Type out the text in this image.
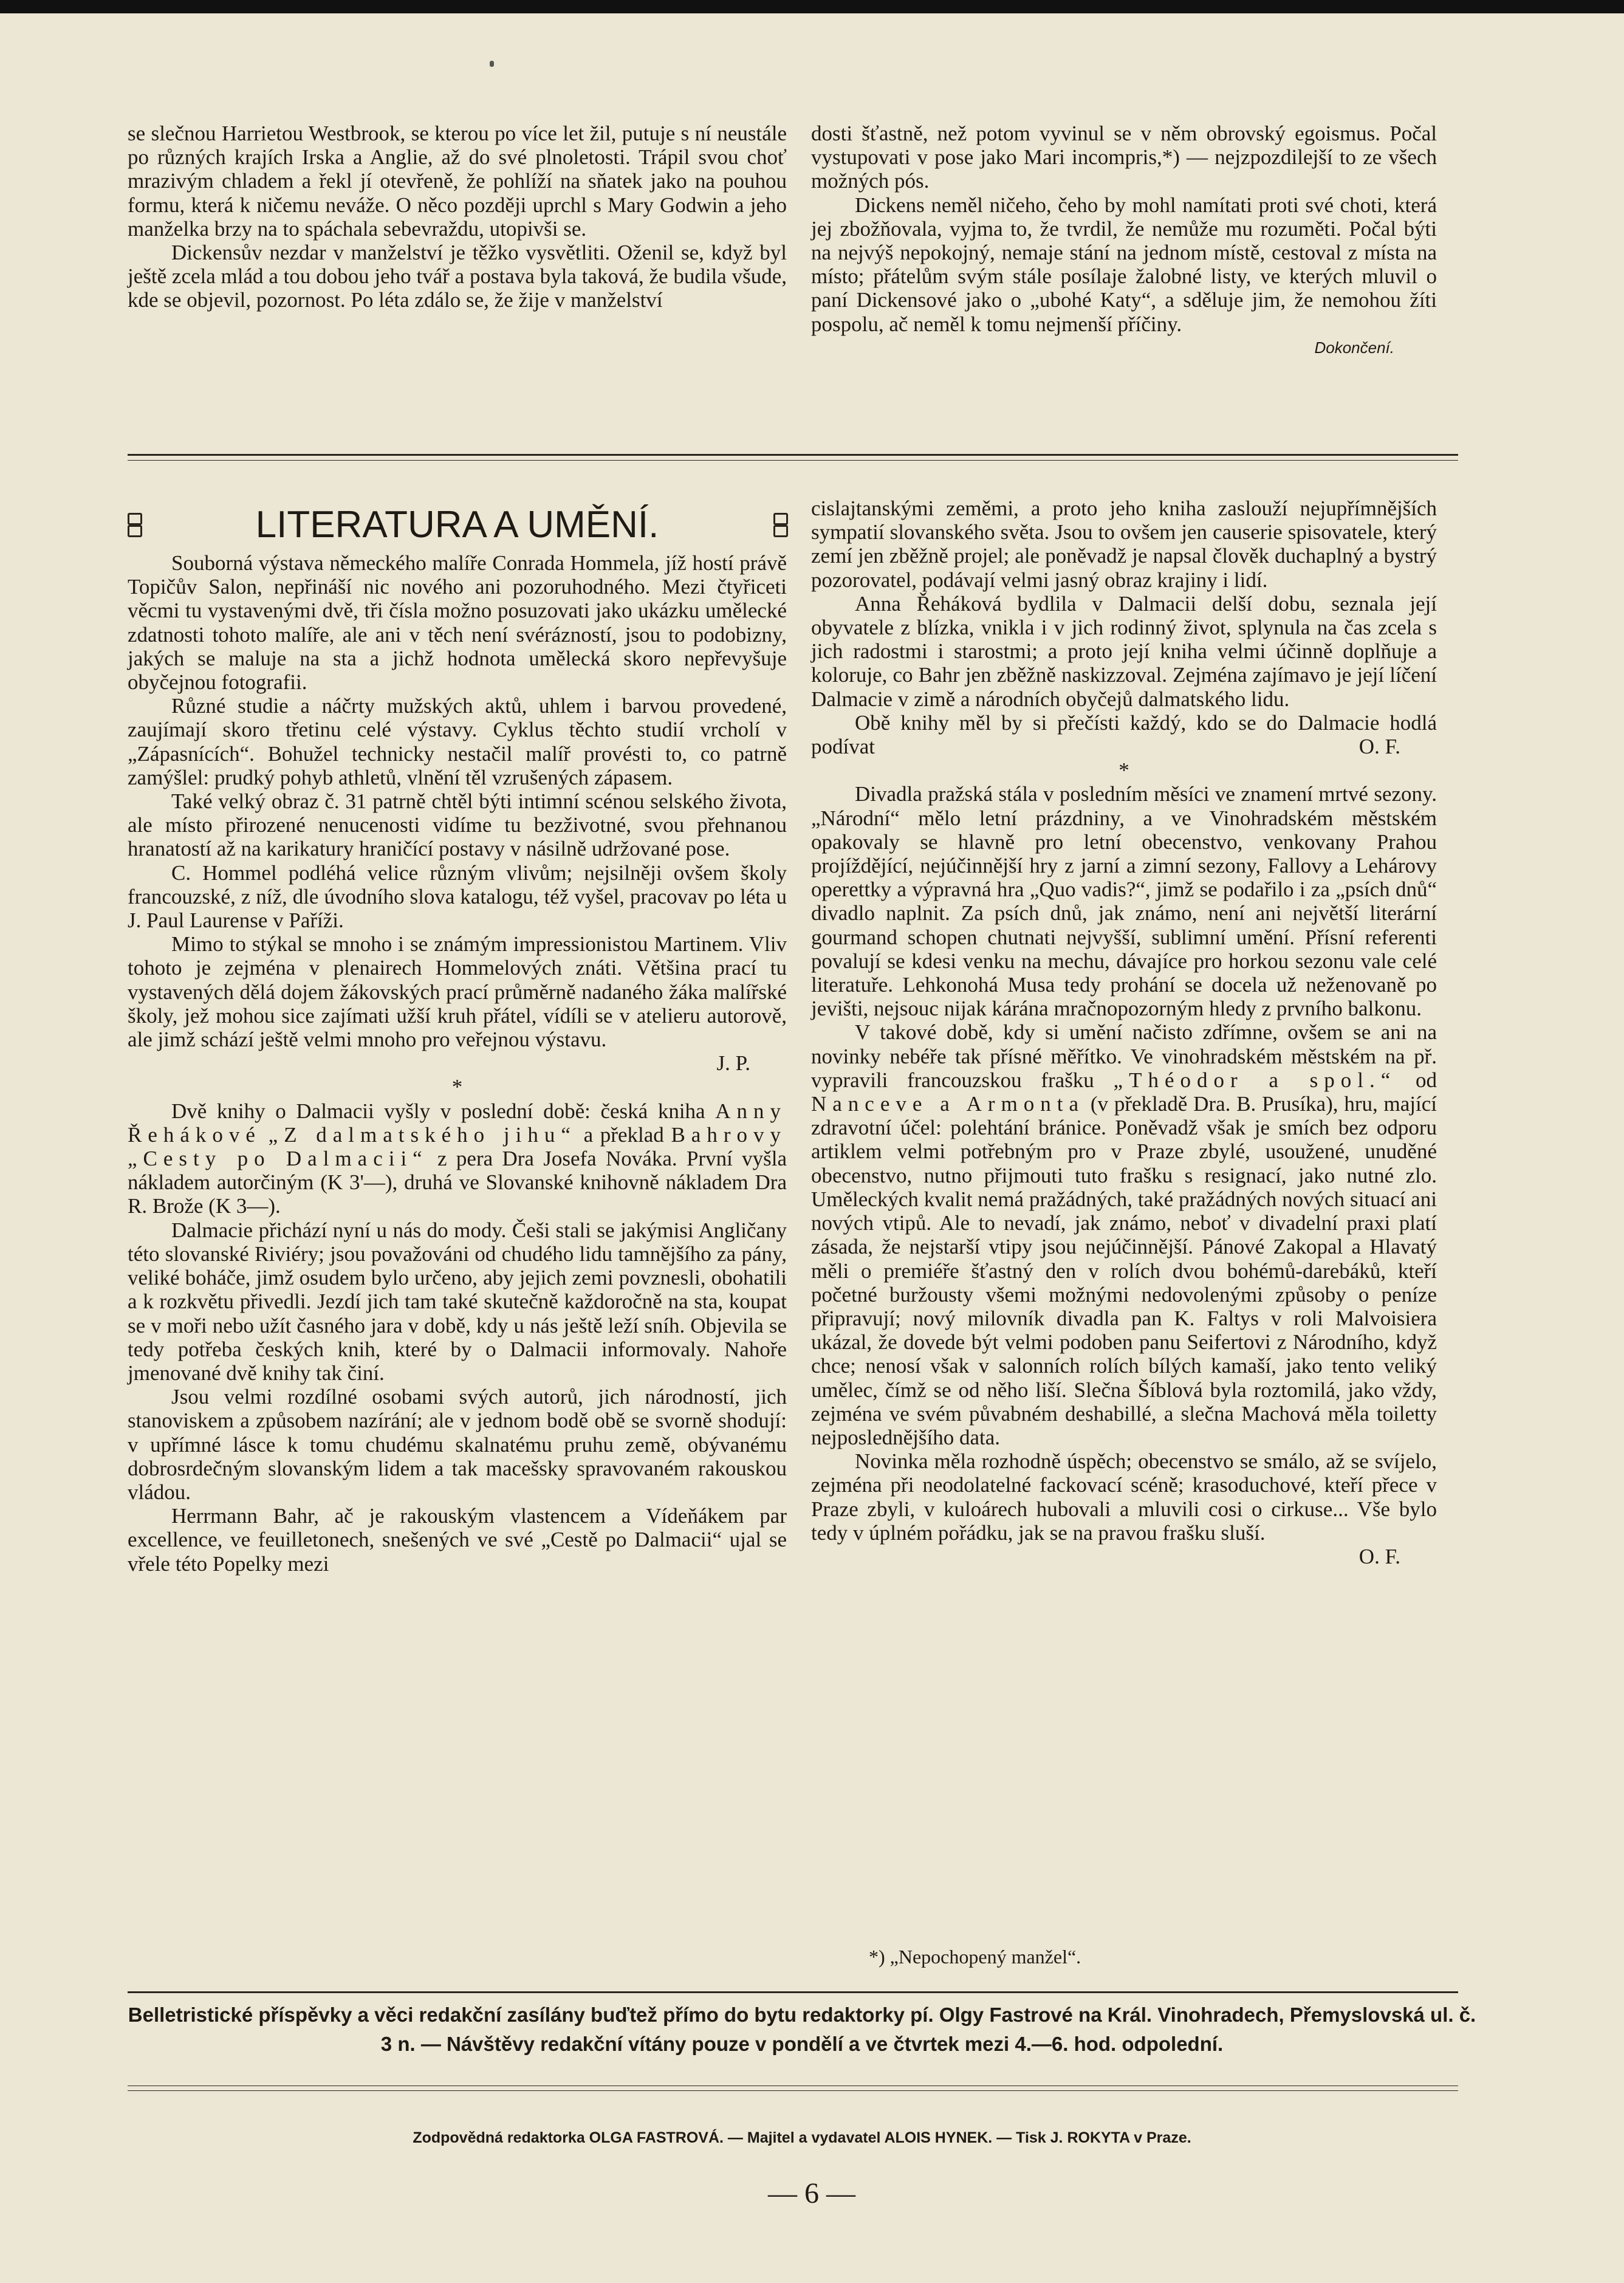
se slečnou Harrietou Westbrook, se kterou po více let žil, putuje s ní neustále po různých krajích Irska a Anglie, až do své plnoletosti. Trápil svou choť mrazivým chladem a řekl jí otevřeně, že pohlíží na sňatek jako na pouhou formu, která k ničemu neváže. O něco později uprchl s Mary Godwin a jeho manželka brzy na to spáchala sebevraždu, utopivši se.

Dickensův nezdar v manželství je těžko vysvětliti. Oženil se, když byl ještě zcela mlád a tou dobou jeho tvář a postava byla taková, že budila všude, kde se objevil, pozornost. Po léta zdálo se, že žije v manželství

dosti šťastně, než potom vyvinul se v něm obrovský egoismus. Počal vystupovati v pose jako Mari incompris,*) — nejzpozdilejší to ze všech možných pós.

Dickens neměl ničeho, čeho by mohl namítati proti své choti, která jej zbožňovala, vyjma to, že tvrdil, že nemůže mu rozuměti. Počal býti na nejvýš nepokojný, nemaje stání na jednom místě, cestoval z místa na místo; přátelům svým stále posílaje žalobné listy, ve kterých mluvil o paní Dickensové jako o „ubohé Katy“, a sděluje jim, že nemohou žíti pospolu, ač neměl k tomu nejmenší příčiny.

Dokončení.
LITERATURA A UMĚNÍ.

Souborná výstava německého malíře Conrada Hommela, jíž hostí právě Topičův Salon, nepřináší nic nového ani pozoruhodného. Mezi čtyřiceti věcmi tu vystavenými dvě, tři čísla možno posuzovati jako ukázku umělecké zdatnosti tohoto malíře, ale ani v těch není svérázností, jsou to podobizny, jakých se maluje na sta a jichž hodnota umělecká skoro nepřevyšuje obyčejnou fotografii.

Různé studie a náčrty mužských aktů, uhlem i barvou provedené, zaujímají skoro třetinu celé výstavy. Cyklus těchto studií vrcholí v „Zápasnících“. Bohužel technicky nestačil malíř provésti to, co patrně zamýšlel: prudký pohyb athletů, vlnění těl vzrušených zápasem.

Také velký obraz č. 31 patrně chtěl býti intimní scénou selského života, ale místo přirozené nenucenosti vidíme tu bezživotné, svou přehnanou hranatostí až na karikatury hraničící postavy v násilně udržované pose.

C. Hommel podléhá velice různým vlivům; nejsilněji ovšem školy francouzské, z níž, dle úvodního slova katalogu, též vyšel, pracovav po léta u J. Paul Laurense v Paříži.

Mimo to stýkal se mnoho i se známým impressionistou Martinem. Vliv tohoto je zejména v plenairech Hommelových znáti. Většina prací tu vystavených dělá dojem žákovských prací průměrně nadaného žáka malířské školy, jež mohou sice zajímati užší kruh přátel, vídíli se v atelieru autorově, ale jimž schází ještě velmi mnoho pro veřejnou výstavu.

J. P.

*

Dvě knihy o Dalmacii vyšly v poslední době: česká kniha Anny Řehákové „Z dalmatského jihu“ a překlad Bahrovy „Cesty po Dalmacii“ z pera Dra Josefa Nováka. První vyšla nákladem autorčiným (K 3'—), druhá ve Slovanské knihovně nákladem Dra R. Brože (K 3—).

Dalmacie přichází nyní u nás do mody. Češi stali se jakýmisi Angličany této slovanské Riviéry; jsou považováni od chudého lidu tamnějšího za pány, veliké boháče, jimž osudem bylo určeno, aby jejich zemi povznesli, obohatili a k rozkvětu přivedli. Jezdí jich tam také skutečně každoročně na sta, koupat se v moři nebo užít časného jara v době, kdy u nás ještě leží sníh. Objevila se tedy potřeba českých knih, které by o Dalmacii informovaly. Nahoře jmenované dvě knihy tak činí.

Jsou velmi rozdílné osobami svých autorů, jich národností, jich stanoviskem a způsobem nazírání; ale v jednom bodě obě se svorně shodují: v upřímné lásce k tomu chudému skalnatému pruhu země, obývanému dobrosrdečným slovanským lidem a tak macešsky spravovaném rakouskou vládou.

Herrmann Bahr, ač je rakouským vlastencem a Vídeňákem par excellence, ve feuilletonech, snešených ve své „Cestě po Dalmacii“ ujal se vřele této Popelky mezi

cislajtanskými zeměmi, a proto jeho kniha zaslouží nejupřímnějších sympatií slovanského světa. Jsou to ovšem jen causerie spisovatele, který zemí jen zběžně projel; ale poněvadž je napsal člověk duchaplný a bystrý pozorovatel, podávají velmi jasný obraz krajiny i lidí.

Anna Řeháková bydlila v Dalmacii delší dobu, seznala její obyvatele z blízka, vnikla i v jich rodinný život, splynula na čas zcela s jich radostmi i starostmi; a proto její kniha velmi účinně doplňuje a koloruje, co Bahr jen zběžně naskizzoval. Zejména zajímavo je její líčení Dalmacie v zimě a národních obyčejů dalmatského lidu.

Obě knihy měl by si přečísti každý, kdo se do Dalmacie hodlá podívat	O. F.

*

Divadla pražská stála v posledním měsíci ve znamení mrtvé sezony. „Národní“ mělo letní prázdniny, a ve Vinohradském městském opakovaly se hlavně pro letní obecenstvo, venkovany Prahou projíždějící, nejúčinnější hry z jarní a zimní sezony, Fallovy a Lehárovy operettky a výpravná hra „Quo vadis?“, jimž se podařilo i za „psích dnů“ divadlo naplnit. Za psích dnů, jak známo, není ani největší literární gourmand schopen chutnati nejvyšší, sublimní umění. Přísní referenti povalují se kdesi venku na mechu, dávajíce pro horkou sezonu vale celé literatuře. Lehkonohá Musa tedy prohání se docela už neženovaně po jevišti, nejsouc nijak kárána mračnopozorným hledy z prvního balkonu.

V takové době, kdy si umění načisto zdřímne, ovšem se ani na novinky nebéře tak přísné měřítko. Ve vinohradském městském na př. vypravili francouzskou frašku „Théodor a spol.“ od Nanceve a Armonta (v překladě Dra. B. Prusíka), hru, mající zdravotní účel: polehtání bránice. Poněvadž však je smích bez odporu artiklem velmi potřebným pro v Praze zbylé, usoužené, unuděné obecenstvo, nutno přijmouti tuto frašku s resignací, jako nutné zlo. Uměleckých kvalit nemá pražádných, také pražádných nových situací ani nových vtipů. Ale to nevadí, jak známo, neboť v divadelní praxi platí zásada, že nejstarší vtipy jsou nejúčinnější. Pánové Zakopal a Hlavatý měli o premiéře šťastný den v rolích dvou bohémů-darebáků, kteří početné buržousty všemi možnými nedovolenými způsoby o peníze připravují; nový milovník divadla pan K. Faltys v roli Malvoisiera ukázal, že dovede být velmi podoben panu Seifertovi z Národního, když chce; nenosí však v salonních rolích bílých kamaší, jako tento veliký umělec, čímž se od něho liší. Slečna Šíblová byla roztomilá, jako vždy, zejména ve svém půvabném deshabillé, a slečna Machová měla toiletty nejposlednějšího data.

Novinka měla rozhodně úspěch; obecenstvo se smálo, až se svíjelo, zejména při neodolatelné fackovací scéně; krasoduchové, kteří přece v Praze zbyli, v kuloárech hubovali a mluvili cosi o cirkuse... Vše bylo tedy v úplném pořádku, jak se na pravou frašku sluší.

O. F.

*) „Nepochopený manžel“.
Belletristické příspěvky a věci redakční zasílány buďtež přímo do bytu redaktorky pí. Olgy Fastrové na Král. Vinohradech, Přemyslovská ul. č. 3 n. — Návštěvy redakční vítány pouze v pondělí a ve čtvrtek mezi 4.—6. hod. odpolední.
Zodpovědná redaktorka OLGA FASTROVÁ. — Majitel a vydavatel ALOIS HYNEK. — Tisk J. ROKYTA v Praze.
— 6 —
